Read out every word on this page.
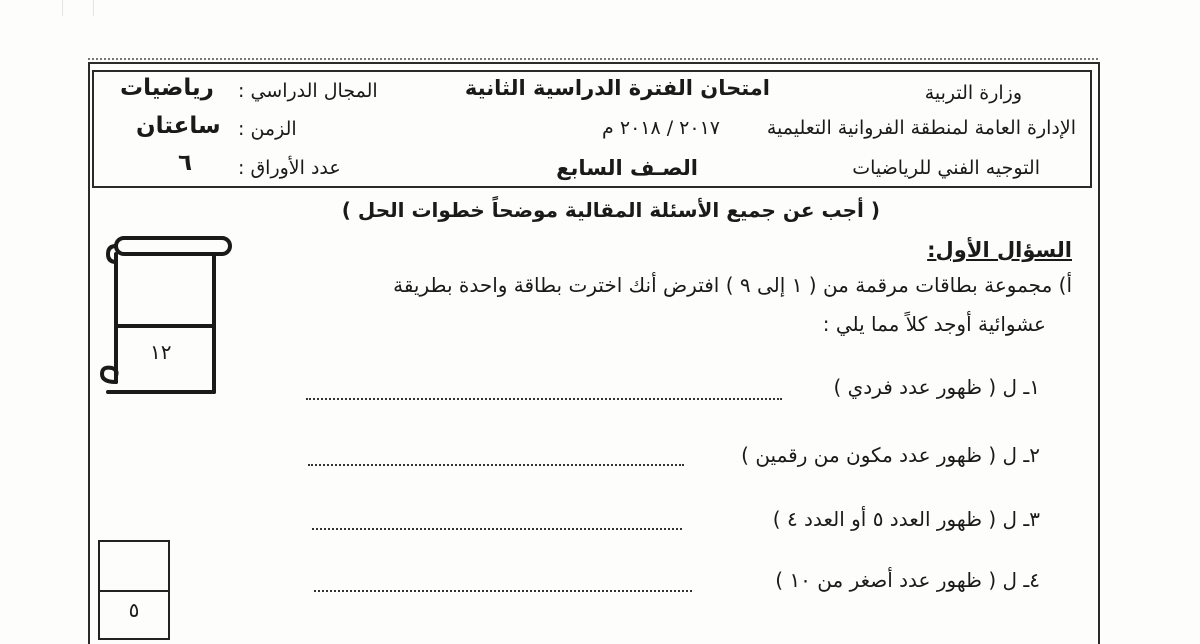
وزارة التربية
الإدارة العامة لمنطقة الفروانية التعليمية
التوجيه الفني للرياضيات
امتحان الفترة الدراسية الثانية
٢٠١٧ / ٢٠١٨ م
الصـف السابع
المجال الدراسي :
رياضيات
الزمن :
ساعتان
عدد الأوراق :
٦
( أجب عن جميع الأسئلة المقالية موضحاً خطوات الحل )
١٢
السؤال الأول:
أ) مجموعة بطاقات مرقمة من ( ١ إلى ٩ ) افترض أنك اخترت بطاقة واحدة بطريقة
عشوائية أوجد كلاً مما يلي :
١ـ ل ( ظهور عدد فردي )
٢ـ ل ( ظهور عدد مكون من رقمين )
٣ـ ل ( ظهور العدد ٥ أو العدد ٤ )
٤ـ ل ( ظهور عدد أصغر من ١٠ )
٥
